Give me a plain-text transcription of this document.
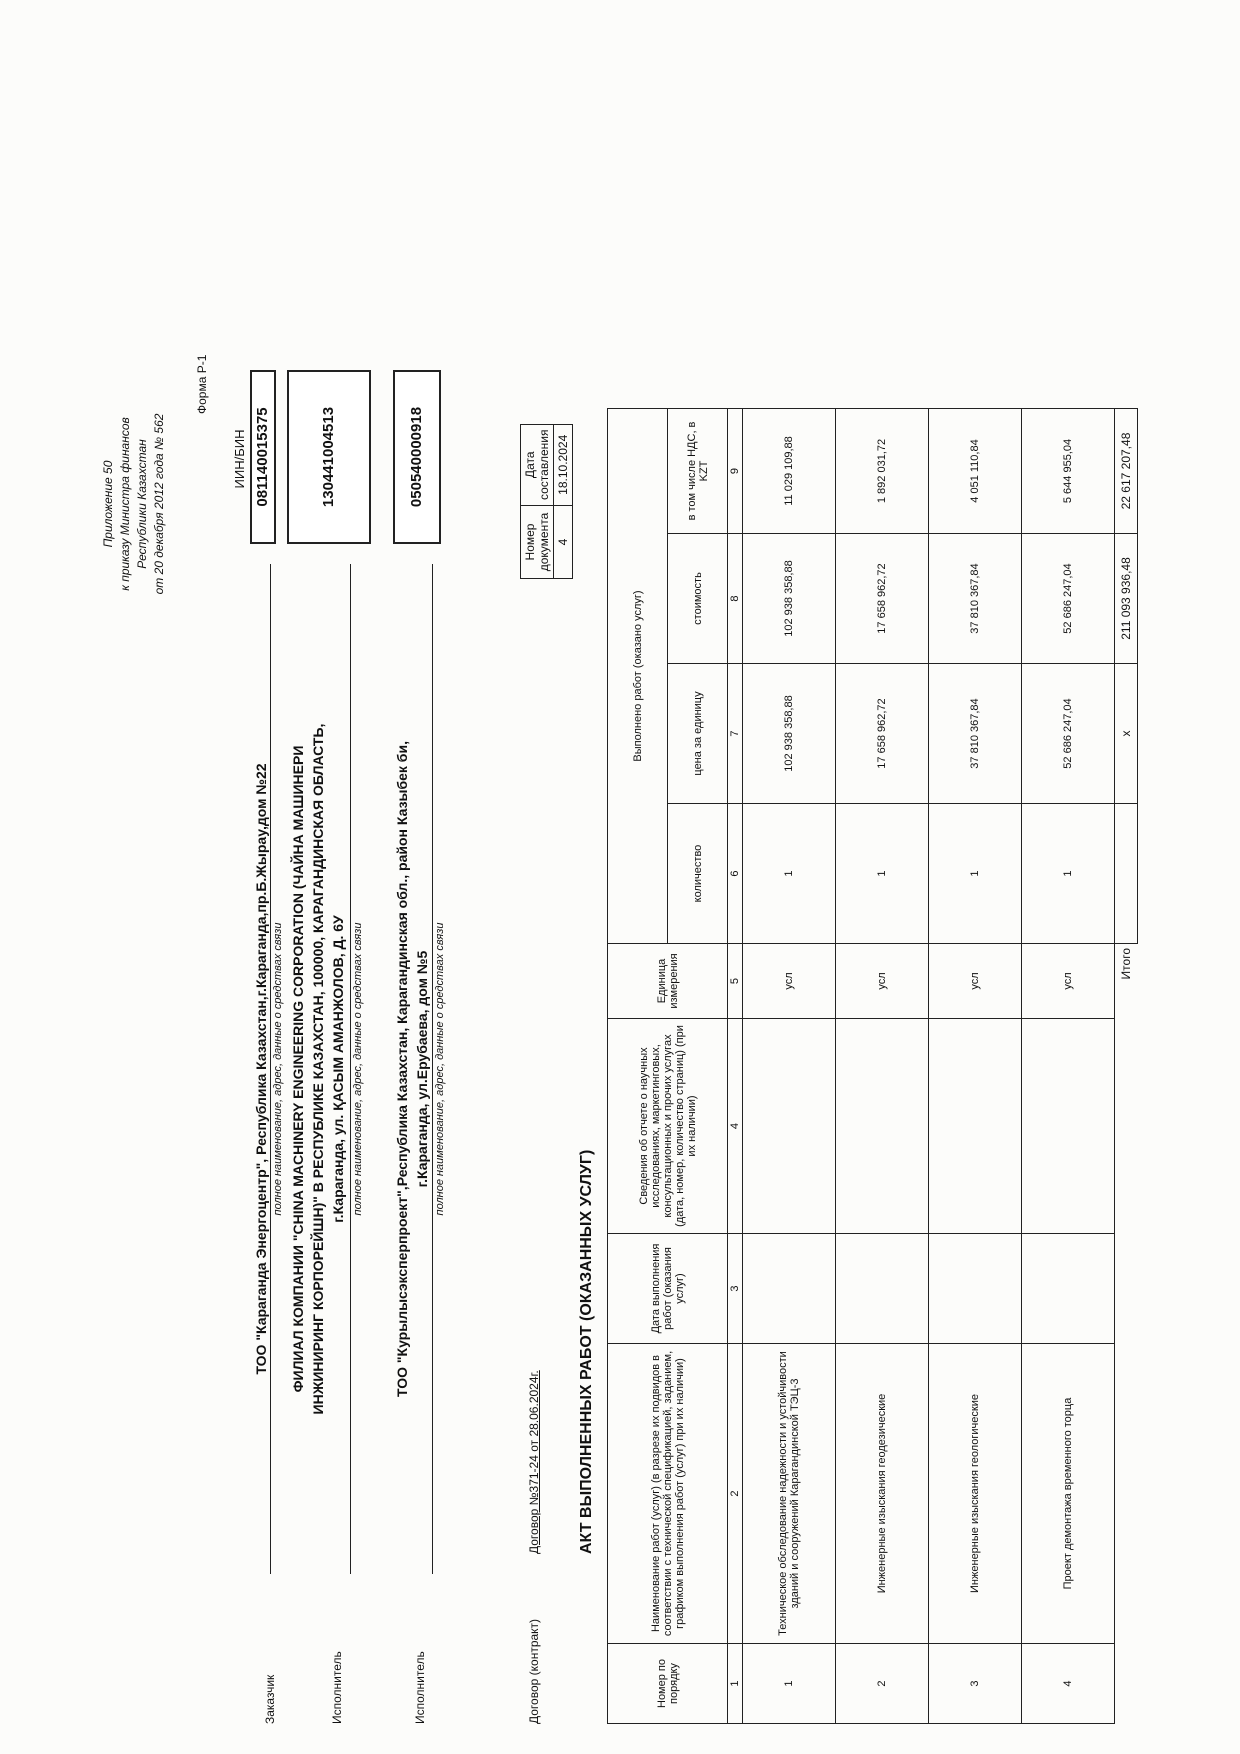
Приложение 50 к приказу Министра финансов Республики Казахстан от 20 декабря 2012 года № 562
Форма Р-1
ИИН/БИН 081140015375	130441004513	050540000918
Заказчик
ТОО "Караганда Энергоцентр", Республика Казахстан,г.Караганда,пр.Б.Жырау,дом №22 полное наименование, адрес, данные о средствах связи
Исполнитель
ФИЛИАЛ КОМПАНИИ "CHINA MACHINERY ENGINEERING CORPORATION (ЧАЙНА МАШИНЕРИ ИНЖИНИРИНГ КОРПОРЕЙШН)" В РЕСПУБЛИКЕ КАЗАХСТАН, 100000, КАРАГАНДИНСКАЯ ОБЛАСТЬ, г.Караганда, ул. ҚАСЫМ АМАНЖОЛОВ, Д. 6У полное наименование, адрес, данные о средствах связи
Исполнитель
ТОО "Курылысэксперпроект",Республика Казахстан, Карагандинская обл., район Казыбек би, г.Караганда, ул.Ерубаева, дом №5 полное наименование, адрес, данные о средствах связи
Договор (контракт)
Договор №371-24 от 28.06.2024г.
Номер документа	Дата составления
4	18.10.2024
АКТ ВЫПОЛНЕННЫХ РАБОТ (ОКАЗАННЫХ УСЛУГ)
Номер по порядку	Наименование работ (услуг) (в разрезе их подвидов в соответствии с технической спецификацией, заданием, графиком выполнения работ (услуг) при их наличии)	Дата выполнения работ (оказания услуг)	Сведения об отчете о научных исследованиях, маркетинговых, консультационных и прочих услугах (дата, номер, количество страниц) (при их наличии)	Единица измерения	Выполнено работ (оказано услуг)			
					количество	цена за единицу	стоимость	в том числе НДС, в KZT
1	2	3	4	5	6	7	8	9
1	Техническое обследование надежности и устойчивости зданий и сооружений Карагандинской ТЭЦ-3			усл	1	102 938 358,88	102 938 358,88	11 029 109,88
2	Инженерные изыскания геодезические			усл	1	17 658 962,72	17 658 962,72	1 892 031,72
3	Инженерные изыскания геологические			усл	1	37 810 367,84	37 810 367,84	4 051 110,84
4	Проект демонтажа временного торца			усл	1	52 686 247,04	52 686 247,04	5 644 955,04
				Итого		x	211 093 936,48	22 617 207,48
